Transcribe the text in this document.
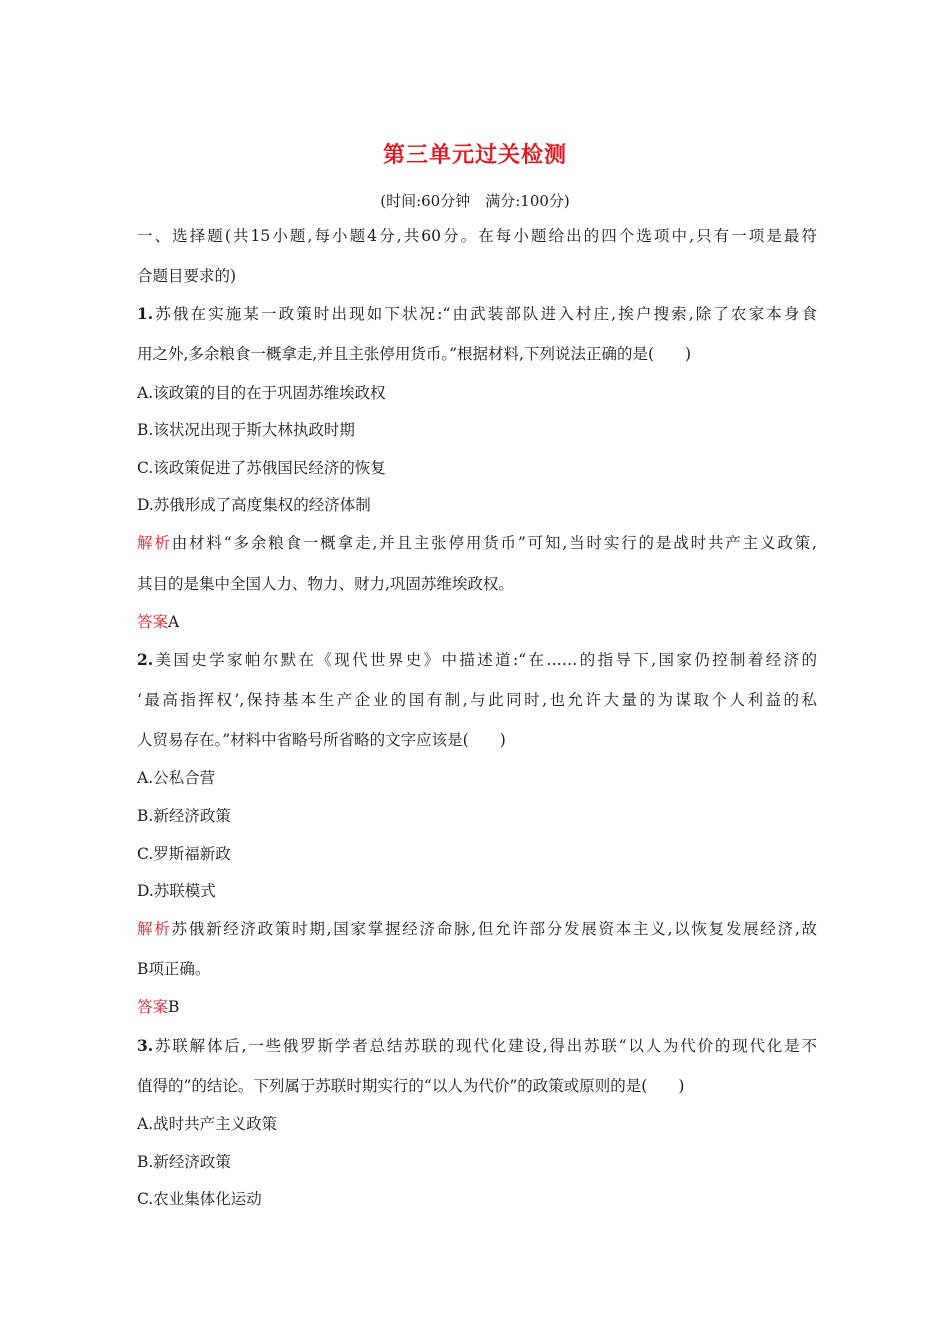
第三单元过关检测
(时间:60分钟　满分:100分)
一、选择题(共15小题,每小题4分,共60分。在每小题给出的四个选项中,只有一项是最符
合题目要求的)
1.苏俄在实施某一政策时出现如下状况:“由武装部队进入村庄,挨户搜索,除了农家本身食
用之外,多余粮食一概拿走,并且主张停用货币。”根据材料,下列说法正确的是(　　)
A.该政策的目的在于巩固苏维埃政权
B.该状况出现于斯大林执政时期
C.该政策促进了苏俄国民经济的恢复
D.苏俄形成了高度集权的经济体制
解析由材料“多余粮食一概拿走,并且主张停用货币”可知,当时实行的是战时共产主义政策,
其目的是集中全国人力、物力、财力,巩固苏维埃政权。
答案A
2.美国史学家帕尔默在《现代世界史》中描述道:“在……的指导下,国家仍控制着经济的
‘最高指挥权’,保持基本生产企业的国有制,与此同时,也允许大量的为谋取个人利益的私
人贸易存在。”材料中省略号所省略的文字应该是(　　)
A.公私合营
B.新经济政策
C.罗斯福新政
D.苏联模式
解析苏俄新经济政策时期,国家掌握经济命脉,但允许部分发展资本主义,以恢复发展经济,故
B项正确。
答案B
3.苏联解体后,一些俄罗斯学者总结苏联的现代化建设,得出苏联“以人为代价的现代化是不
值得的”的结论。下列属于苏联时期实行的“以人为代价”的政策或原则的是(　　)
A.战时共产主义政策
B.新经济政策
C.农业集体化运动
